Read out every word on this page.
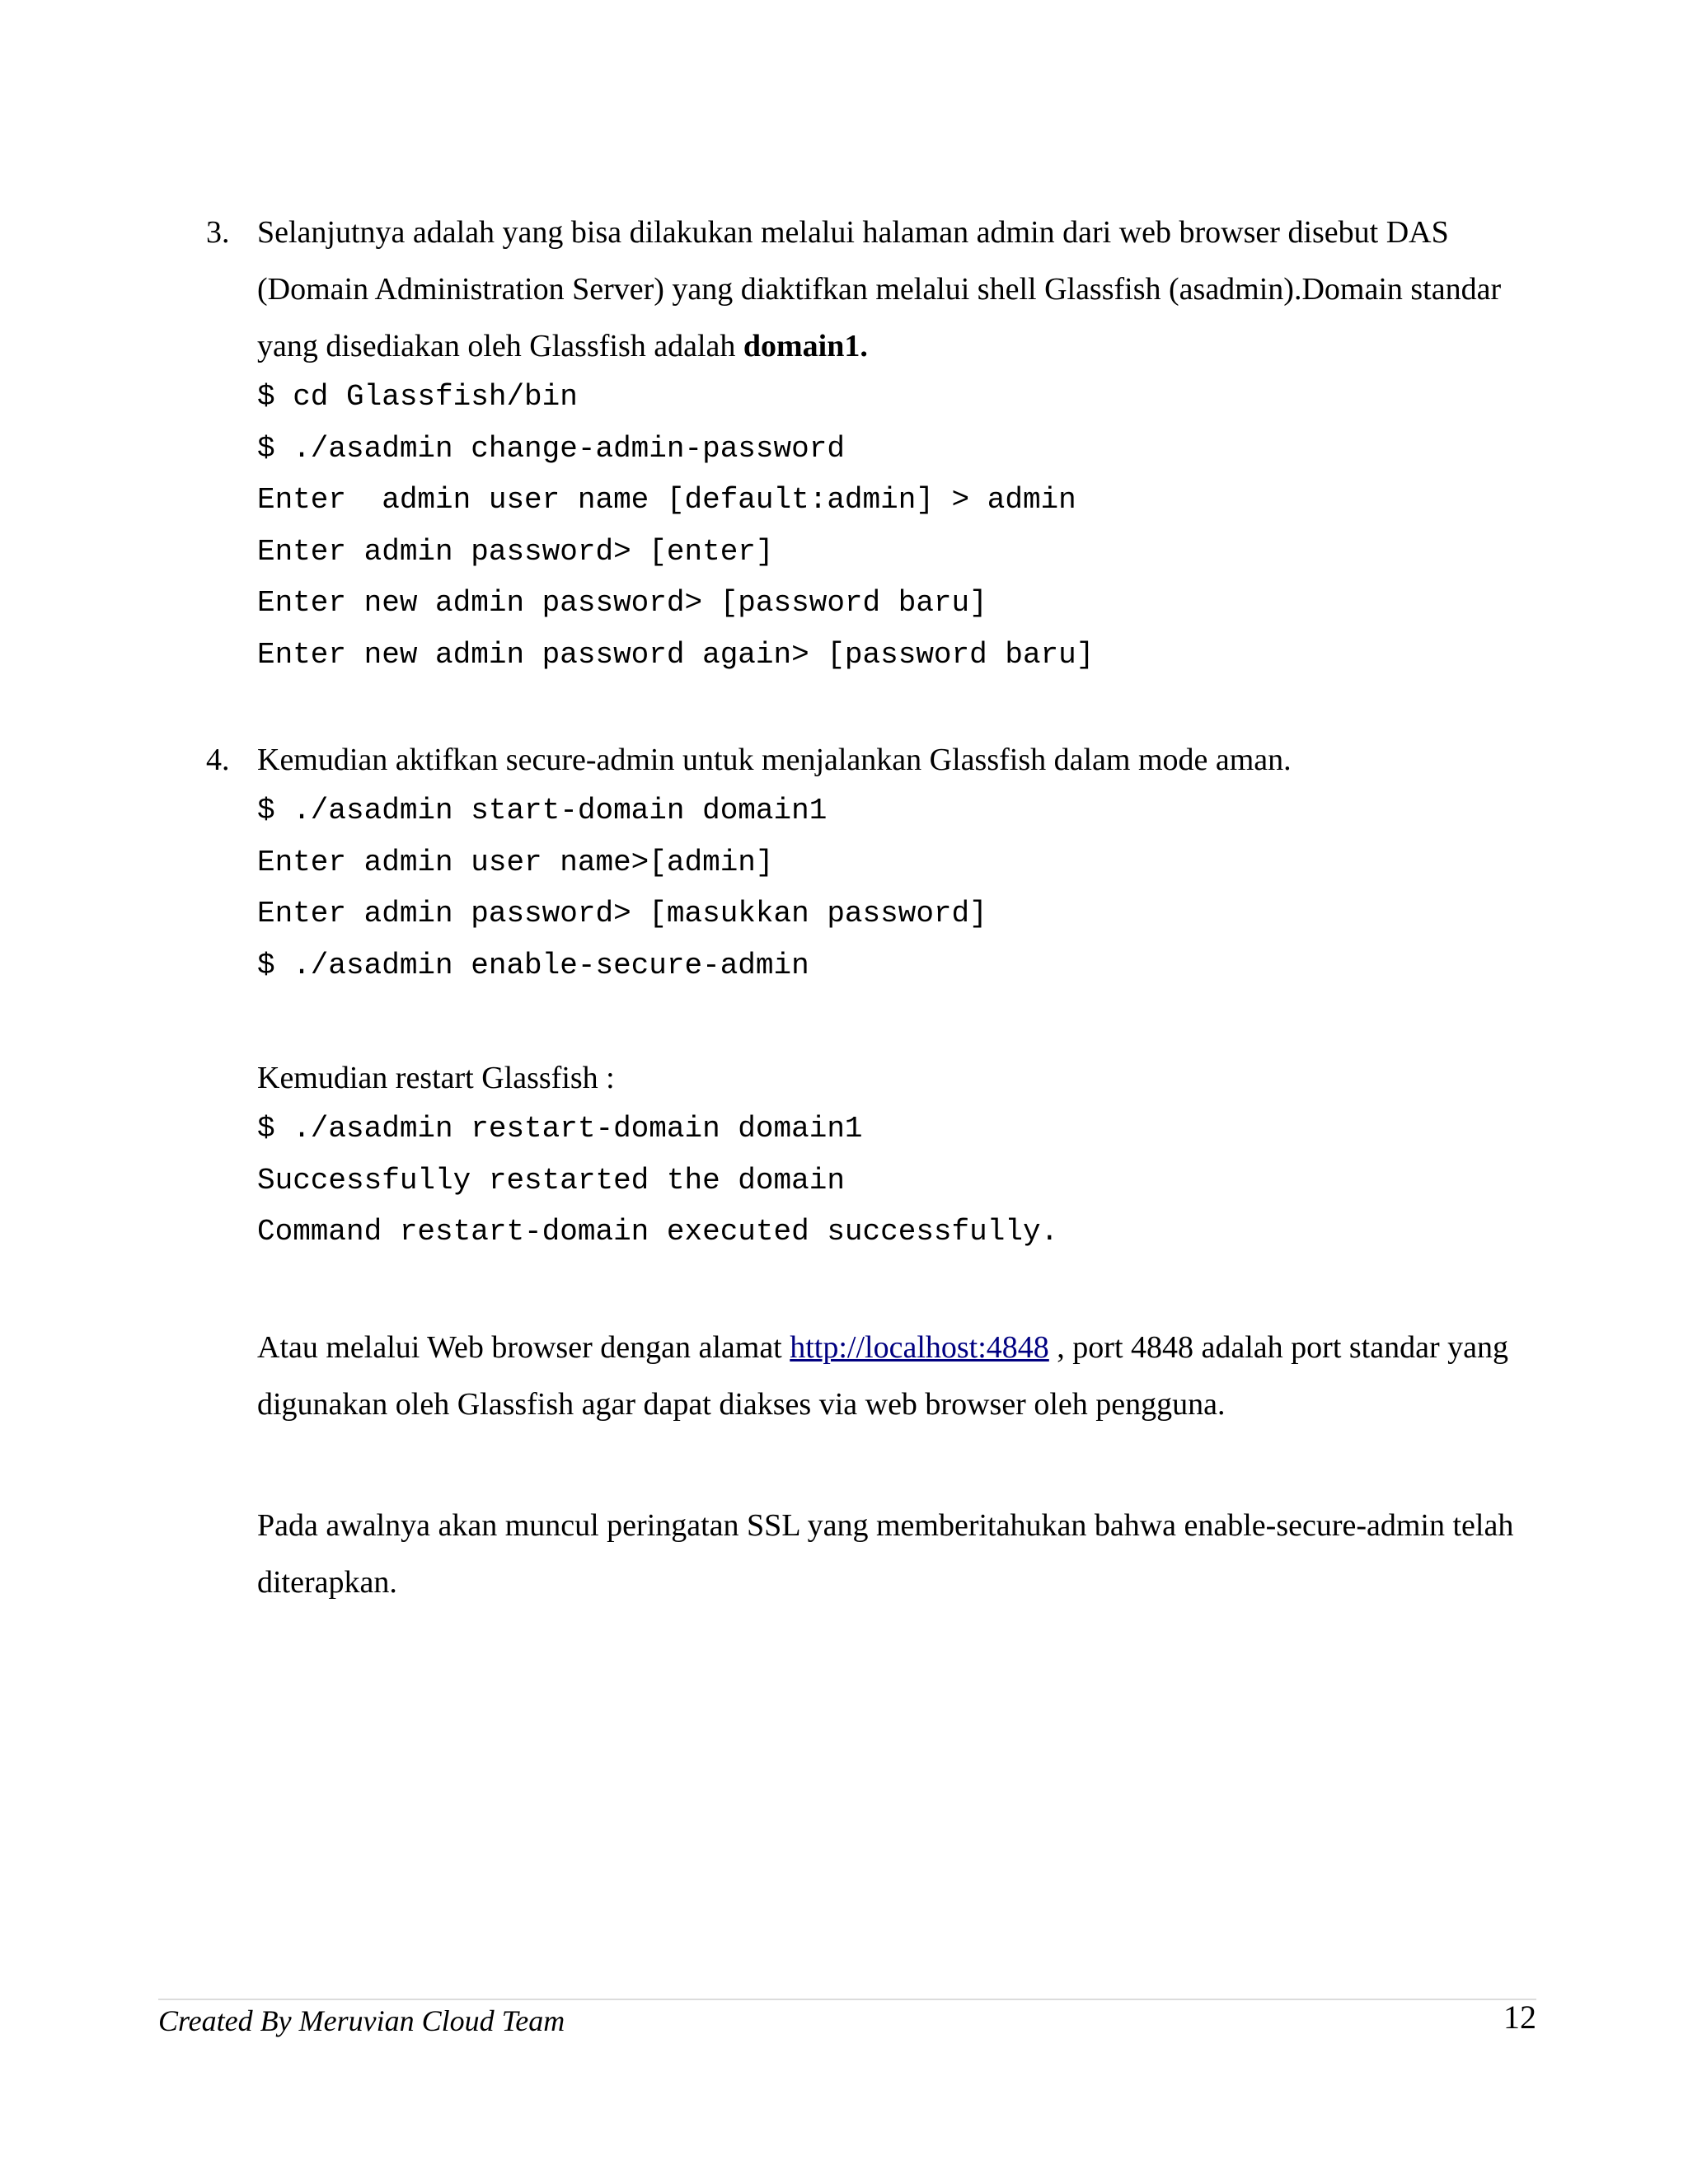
3. Selanjutnya adalah yang bisa dilakukan melalui halaman admin dari web browser disebut DAS (Domain Administration Server) yang diaktifkan melalui shell Glassfish (asadmin).Domain standar yang disediakan oleh Glassfish adalah domain1.

$ cd Glassfish/bin
$ ./asadmin change-admin-password
Enter  admin user name [default:admin] > admin
Enter admin password> [enter]
Enter new admin password> [password baru]
Enter new admin password again> [password baru]
4. Kemudian aktifkan secure-admin untuk menjalankan Glassfish dalam mode aman.

$ ./asadmin start-domain domain1
Enter admin user name>[admin]
Enter admin password> [masukkan password]
$ ./asadmin enable-secure-admin

Kemudian restart Glassfish :

$ ./asadmin restart-domain domain1
Successfully restarted the domain
Command restart-domain executed successfully.

Atau melalui Web browser dengan alamat http://localhost:4848 , port 4848 adalah port standar yang digunakan oleh Glassfish agar dapat diakses via web browser oleh pengguna.

Pada awalnya akan muncul peringatan SSL yang memberitahukan bahwa enable-secure-admin telah diterapkan.

Created By Meruvian Cloud Team	12
